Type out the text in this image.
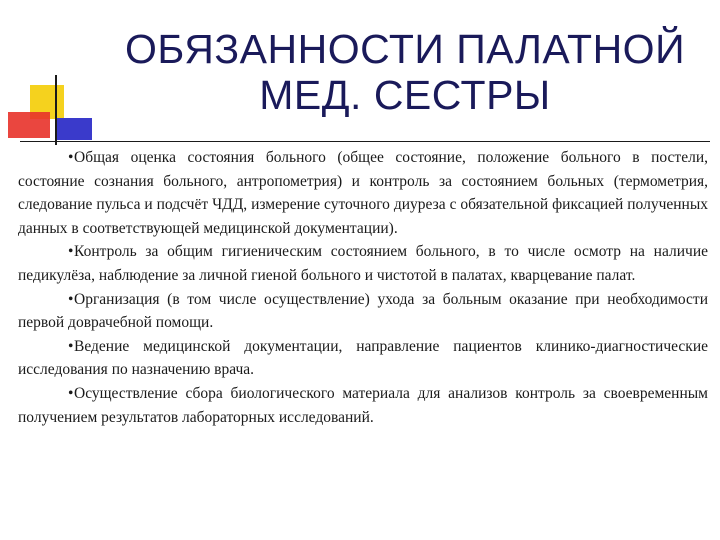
ОБЯЗАННОСТИ ПАЛАТНОЙ
МЕД. СЕСТРЫ

• Общая оценка состояния больного (общее состояние, положение больного в постели, состояние сознания больного, антропометрия) и контроль за состоянием больных (термометрия, следование пульса и подсчёт ЧДД, измерение суточного диуреза с обязательной фиксацией полученных данных в соответствующей медицинской документации).

• Контроль за общим гигиеническим состоянием больного, в то числе осмотр на наличие педикулёза, наблюдение за личной гиеной больного и чистотой в палатах, кварцевание палат.

• Организация (в том числе осуществление) ухода за больным оказание при необходимости первой доврачебной помощи.

• Ведение медицинской документации, направление пациентов клинико-диагностические исследования по назначению врача.

• Осуществление сбора биологического материала для анализов контроль за своевременным получением результатов лабораторных исследований.
